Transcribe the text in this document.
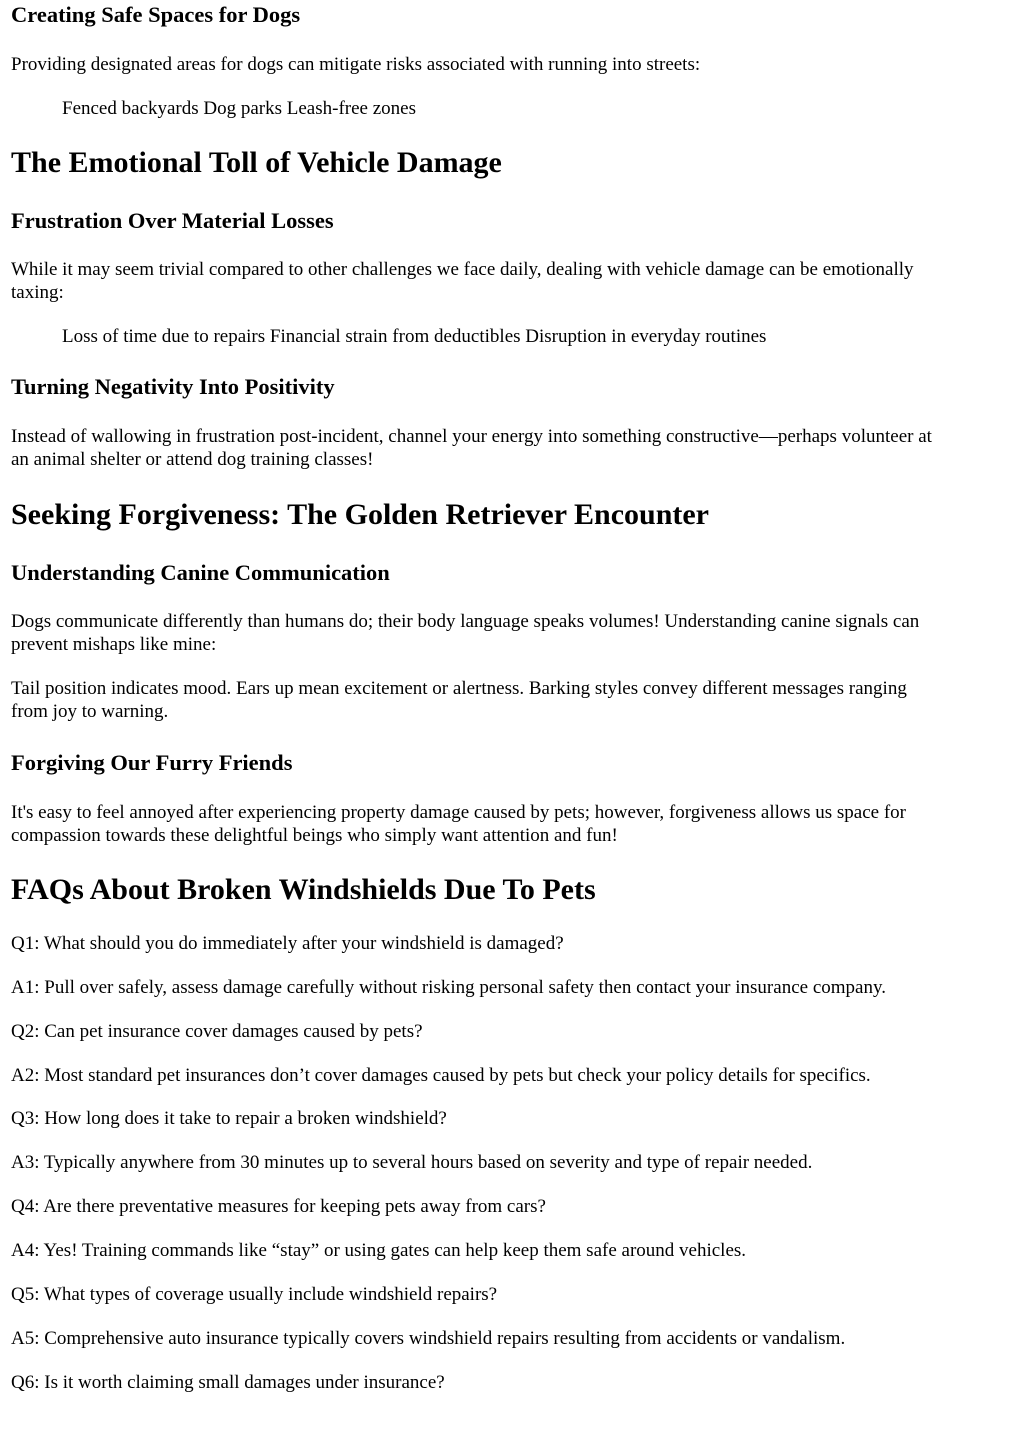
Creating Safe Spaces for Dogs

Providing designated areas for dogs can mitigate risks associated with running into streets:

Fenced backyards Dog parks Leash-free zones

The Emotional Toll of Vehicle Damage
Frustration Over Material Losses
While it may seem trivial compared to other challenges we face daily, dealing with vehicle damage can be emotionally
taxing:

Loss of time due to repairs Financial strain from deductibles Disruption in everyday routines

Turning Negativity Into Positivity
Instead of wallowing in frustration post-incident, channel your energy into something constructive—perhaps volunteer at
an animal shelter or attend dog training classes!
Seeking Forgiveness: The Golden Retriever Encounter
Understanding Canine Communication
Dogs communicate differently than humans do; their body language speaks volumes! Understanding canine signals can
prevent mishaps like mine:
Tail position indicates mood. Ears up mean excitement or alertness. Barking styles convey different messages ranging
from joy to warning.
Forgiving Our Furry Friends
It's easy to feel annoyed after experiencing property damage caused by pets; however, forgiveness allows us space for
compassion towards these delightful beings who simply want attention and fun!
FAQs About Broken Windshields Due To Pets

Q1: What should you do immediately after your windshield is damaged?

A1: Pull over safely, assess damage carefully without risking personal safety then contact your insurance company.

Q2: Can pet insurance cover damages caused by pets?

A2: Most standard pet insurances don’t cover damages caused by pets but check your policy details for specifics.

Q3: How long does it take to repair a broken windshield?

A3: Typically anywhere from 30 minutes up to several hours based on severity and type of repair needed.

Q4: Are there preventative measures for keeping pets away from cars?

A4: Yes! Training commands like “stay” or using gates can help keep them safe around vehicles.

Q5: What types of coverage usually include windshield repairs?

A5: Comprehensive auto insurance typically covers windshield repairs resulting from accidents or vandalism.

Q6: Is it worth claiming small damages under insurance?
